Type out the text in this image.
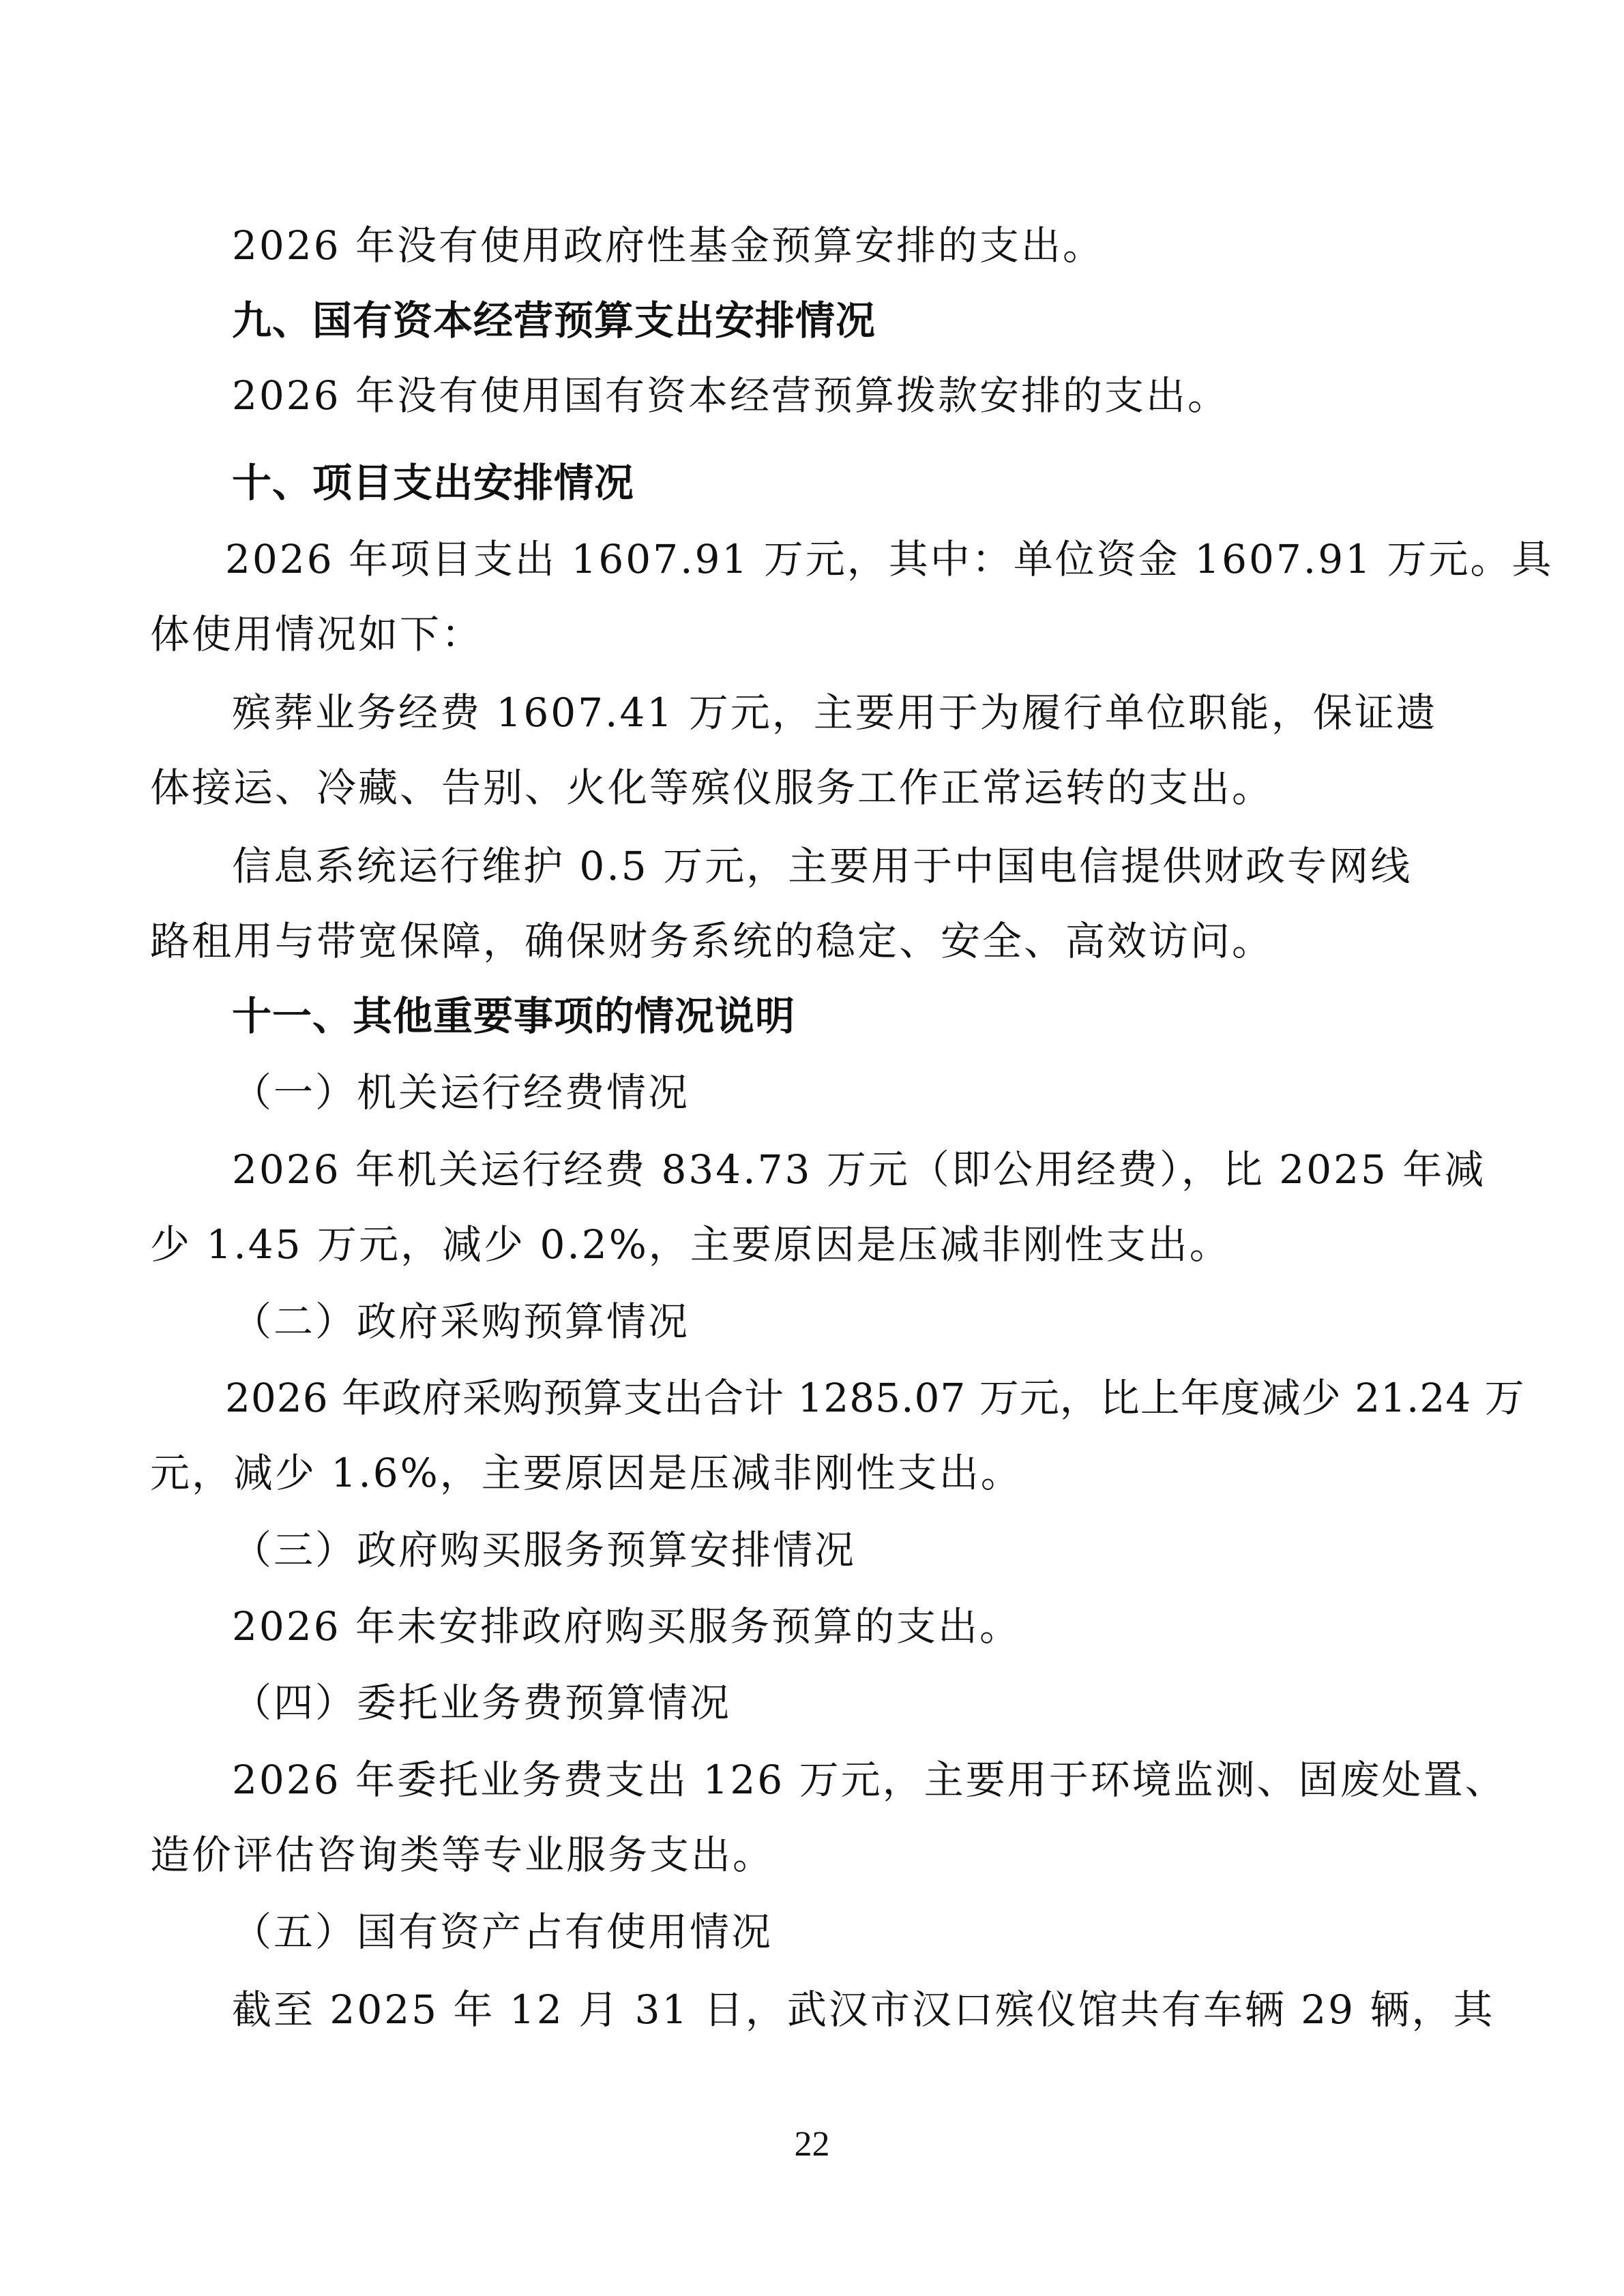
2026 年没有使用政府性基金预算安排的支出。
九、国有资本经营预算支出安排情况
2026 年没有使用国有资本经营预算拨款安排的支出。
十、项目支出安排情况
2026 年项目支出 1607.91 万元，其中：单位资金 1607.91 万元。具
体使用情况如下：
殡葬业务经费 1607.41 万元，主要用于为履行单位职能，保证遗
体接运、冷藏、告别、火化等殡仪服务工作正常运转的支出。
信息系统运行维护 0.5 万元，主要用于中国电信提供财政专网线
路租用与带宽保障，确保财务系统的稳定、安全、高效访问。
十一、其他重要事项的情况说明
（一）机关运行经费情况
2026 年机关运行经费 834.73 万元（即公用经费），比 2025 年减
少 1.45 万元，减少 0.2%，主要原因是压减非刚性支出。
（二）政府采购预算情况
2026 年政府采购预算支出合计 1285.07 万元，比上年度减少 21.24 万
元，减少 1.6%，主要原因是压减非刚性支出。
（三）政府购买服务预算安排情况
2026 年未安排政府购买服务预算的支出。
（四）委托业务费预算情况
2026 年委托业务费支出 126 万元，主要用于环境监测、固废处置、
造价评估咨询类等专业服务支出。
（五）国有资产占有使用情况
截至 2025 年 12 月 31 日，武汉市汉口殡仪馆共有车辆 29 辆，其
22
